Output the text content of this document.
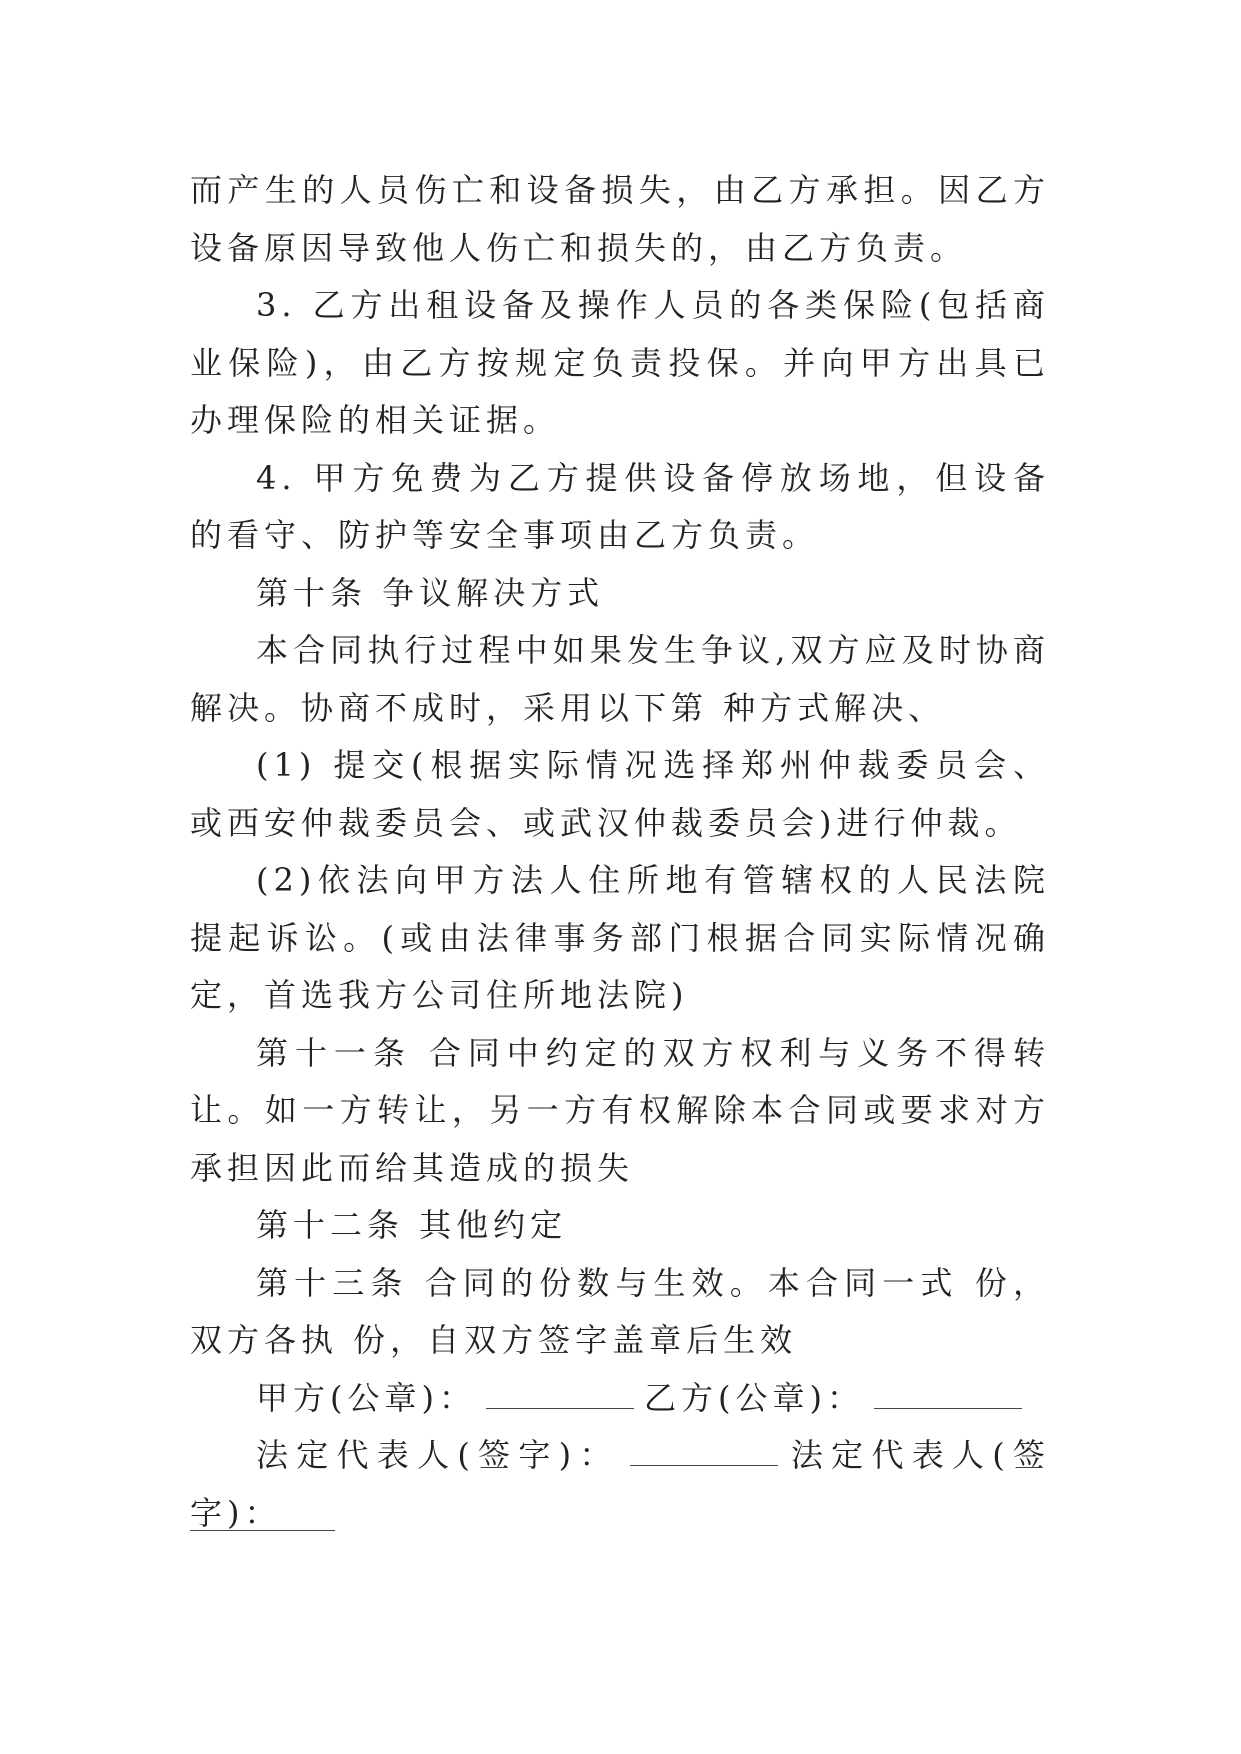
而产生的人员伤亡和设备损失，由乙方承担。因乙方设备原因导致他人伤亡和损失的，由乙方负责。

3. 乙方出租设备及操作人员的各类保险(包括商业保险)，由乙方按规定负责投保。并向甲方出具已办理保险的相关证据。

4. 甲方免费为乙方提供设备停放场地，但设备的看守、防护等安全事项由乙方负责。

第十条 争议解决方式

本合同执行过程中如果发生争议,双方应及时协商解决。协商不成时，采用以下第 种方式解决、

(1) 提交(根据实际情况选择郑州仲裁委员会、或西安仲裁委员会、或武汉仲裁委员会)进行仲裁。

(2)依法向甲方法人住所地有管辖权的人民法院提起诉讼。(或由法律事务部门根据合同实际情况确定，首选我方公司住所地法院)

第十一条 合同中约定的双方权利与义务不得转让。如一方转让，另一方有权解除本合同或要求对方承担因此而给其造成的损失

第十二条 其他约定

第十三条 合同的份数与生效。本合同一式 份，双方各执 份，自双方签字盖章后生效

甲方(公章)：	乙方(公章)：

法定代表人(签字)：	法定代表人(签字)：
